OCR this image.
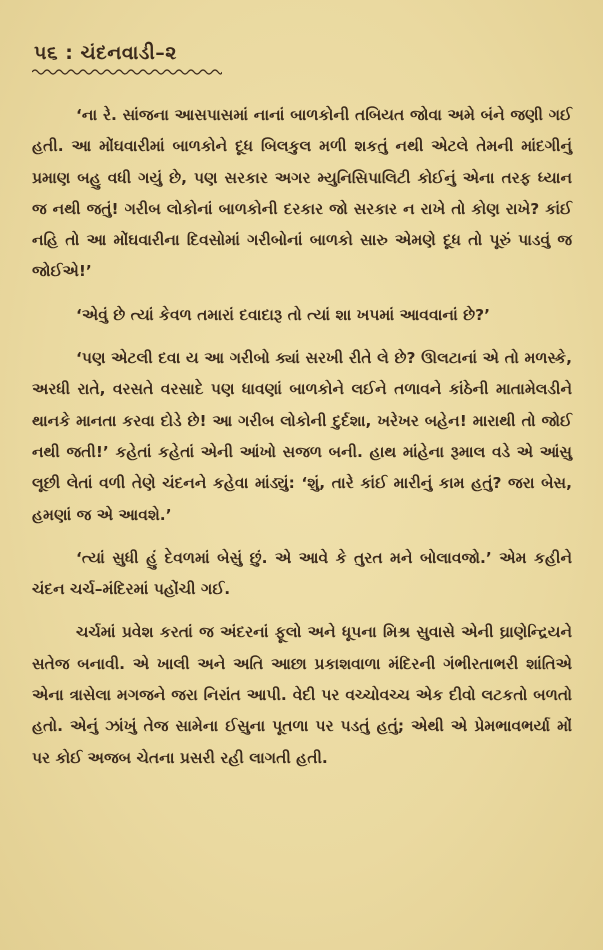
૫૬ : ચંદનવાડી–૨

‘ના રે. સાંજના આસપાસમાં નાનાં બાળકોની તબિયત જોવા અમે બંને જણી ગઈ હતી. આ મોંઘવારીમાં બાળકોને દૂધ બિલકુલ મળી શકતું નથી એટલે તેમની માંદગીનું પ્રમાણ બહુ વધી ગયું છે, પણ સરકાર અગર મ્યુનિસિપાલિટી કોઈનું એના તરફ ધ્યાન જ નથી જતું! ગરીબ લોકોનાં બાળકોની દરકાર જો સરકાર ન રાખે તો કોણ રાખે? કાંઈ નહિ તો આ મોંઘવારીના દિવસોમાં ગરીબોનાં બાળકો સારુ એમણે દૂધ તો પૂરું પાડવું જ જોઈએ!’

‘એવું છે ત્યાં કેવળ તમારાં દવાદારૂ તો ત્યાં શા ખપમાં આવવાનાં છે?’

‘પણ એટલી દવા ય આ ગરીબો ક્યાં સરખી રીતે લે છે? ઊલટાનાં એ તો મળસ્કે, અરધી રાતે, વરસતે વરસાદે પણ ધાવણાં બાળકોને લઈને તળાવને કાંઠેની માતામેલડીને થાનકે માનતા કરવા દોડે છે! આ ગરીબ લોકોની દુર્દશા, ખરેખર બહેન! મારાથી તો જોઈ નથી જતી!’ કહેતાં કહેતાં એની આંખો સજળ બની. હાથ માંહેના રૂમાલ વડે એ આંસુ લૂછી લેતાં વળી તેણે ચંદનને કહેવા માંડ્યું: ‘શું, તારે કાંઈ મારીનું કામ હતું? જરા બેસ, હમણાં જ એ આવશે.’

‘ત્યાં સુધી હું દેવળમાં બેસું છું. એ આવે કે તુરત મને બોલાવજો.’ એમ કહીને ચંદન ચર્ચ–મંદિરમાં પહોંચી ગઈ.

ચર્ચમાં પ્રવેશ કરતાં જ અંદરનાં ફૂલો અને ધૂપના મિશ્ર સુવાસે એની ઘ્રાણેન્દ્રિયને સતેજ બનાવી. એ ખાલી અને અતિ આછા પ્રકાશવાળા મંદિરની ગંભીરતાભરી શાંતિએ એના ત્રાસેલા મગજને જરા નિરાંત આપી. વેદી પર વચ્ચોવચ્ચ એક દીવો લટકતો બળતો હતો. એનું ઝાંખું તેજ સામેના ઈસુના પૂતળા પર પડતું હતું; એથી એ પ્રેમભાવભર્યા મોં પર કોઈ અજબ ચેતના પ્રસરી રહી લાગતી હતી.
